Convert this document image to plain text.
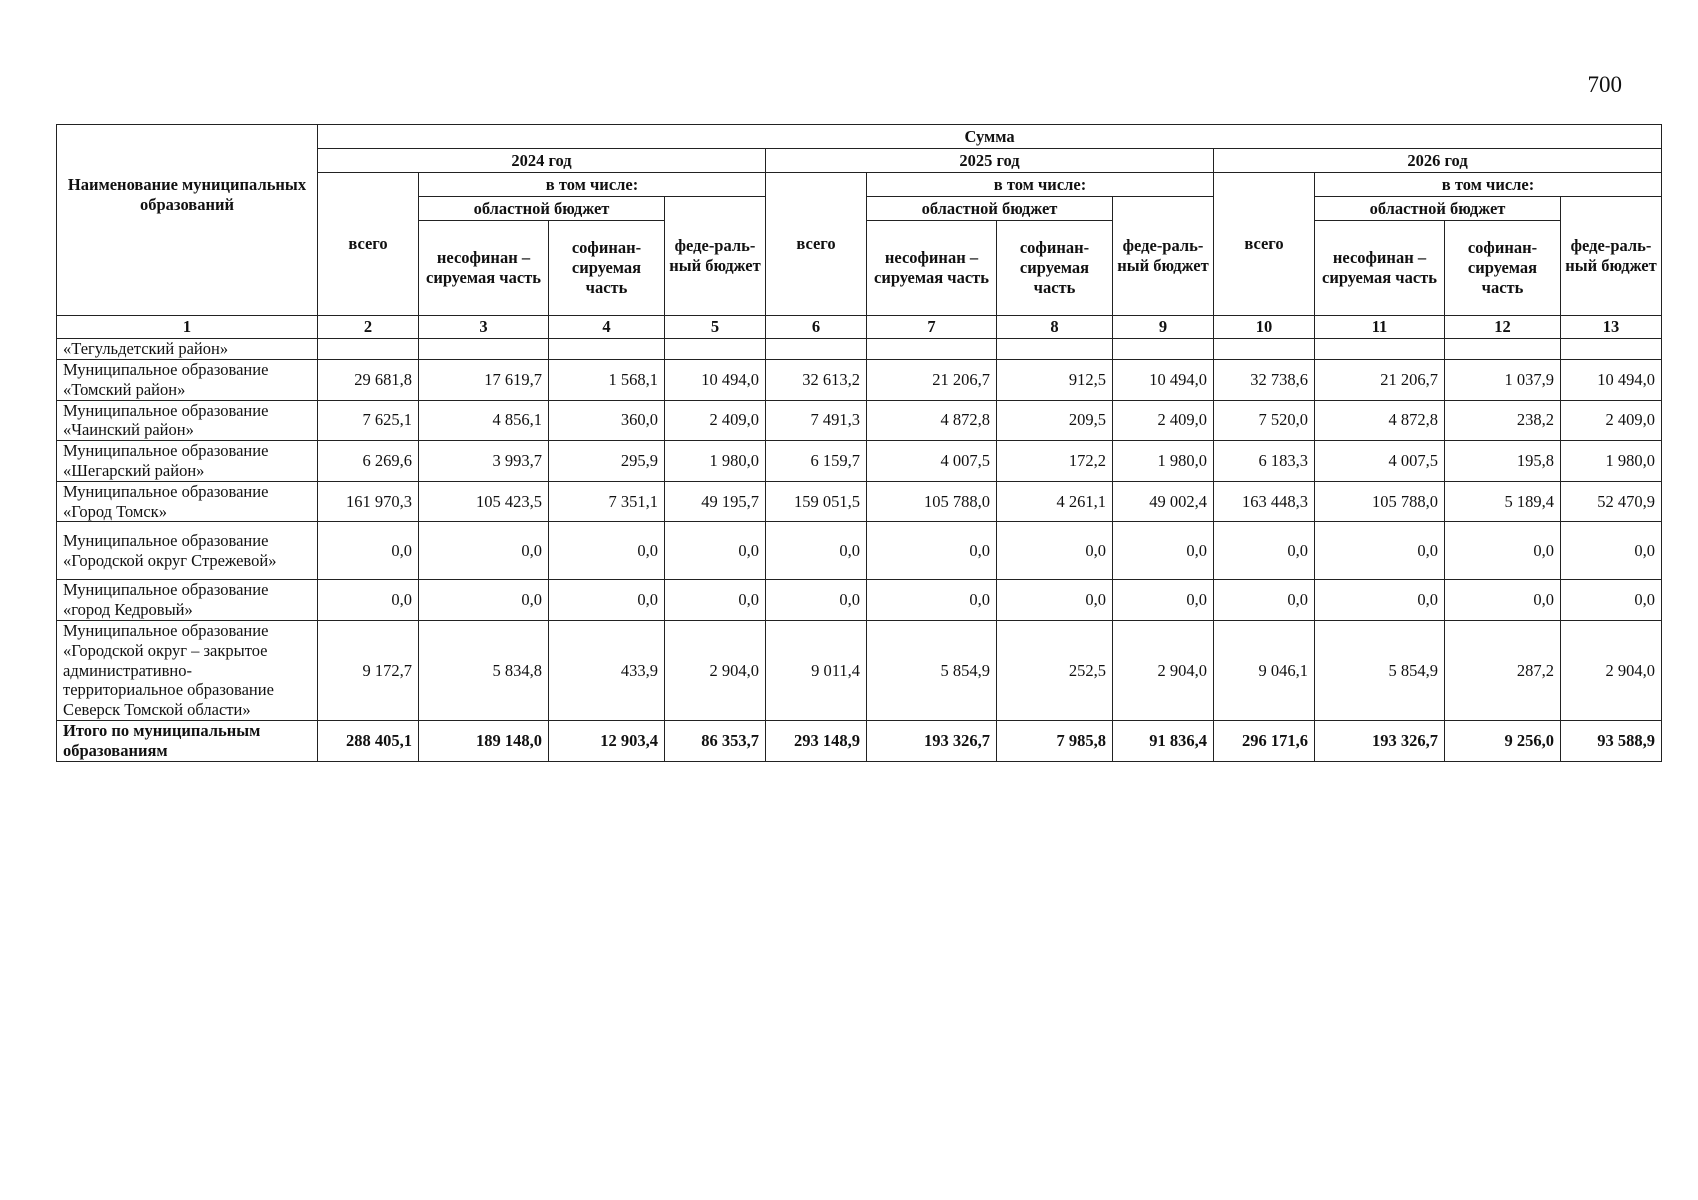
700
Наименование муниципальных образований	Сумма											
	2024 год				2025 год				2026 год			
	всего	в том числе:			всего	в том числе:			всего	в том числе:		
		областной бюджет		феде-раль-ный бюджет		областной бюджет		феде-раль-ный бюджет		областной бюджет		феде-раль-ный бюджет
		несофинан – сируемая часть	софинан-сируемая часть			несофинан – сируемая часть	софинан-сируемая часть			несофинан –сируемая часть	софинан-сируемая часть	

1	2	3	4	5	6	7	8	9	10	11	12	13
«Тегульдетский район»												
Муниципальное образование «Томский район»	29 681,8	17 619,7	1 568,1	10 494,0	32 613,2	21 206,7	912,5	10 494,0	32 738,6	21 206,7	1 037,9	10 494,0
Муниципальное образование «Чаинский район»	7 625,1	4 856,1	360,0	2 409,0	7 491,3	4 872,8	209,5	2 409,0	7 520,0	4 872,8	238,2	2 409,0
Муниципальное образование «Шегарский район»	6 269,6	3 993,7	295,9	1 980,0	6 159,7	4 007,5	172,2	1 980,0	6 183,3	4 007,5	195,8	1 980,0
Муниципальное образование «Город Томск»	161 970,3	105 423,5	7 351,1	49 195,7	159 051,5	105 788,0	4 261,1	49 002,4	163 448,3	105 788,0	5 189,4	52 470,9
Муниципальное образование «Городской округ Стрежевой»	0,0	0,0	0,0	0,0	0,0	0,0	0,0	0,0	0,0	0,0	0,0	0,0
Муниципальное образование «город Кедровый»	0,0	0,0	0,0	0,0	0,0	0,0	0,0	0,0	0,0	0,0	0,0	0,0
Муниципальное образование «Городской округ – закрытое административно-территориальное образование Северск Томской области»	9 172,7	5 834,8	433,9	2 904,0	9 011,4	5 854,9	252,5	2 904,0	9 046,1	5 854,9	287,2	2 904,0
Итого по муниципальным образованиям	288 405,1	189 148,0	12 903,4	86 353,7	293 148,9	193 326,7	7 985,8	91 836,4	296 171,6	193 326,7	9 256,0	93 588,9
